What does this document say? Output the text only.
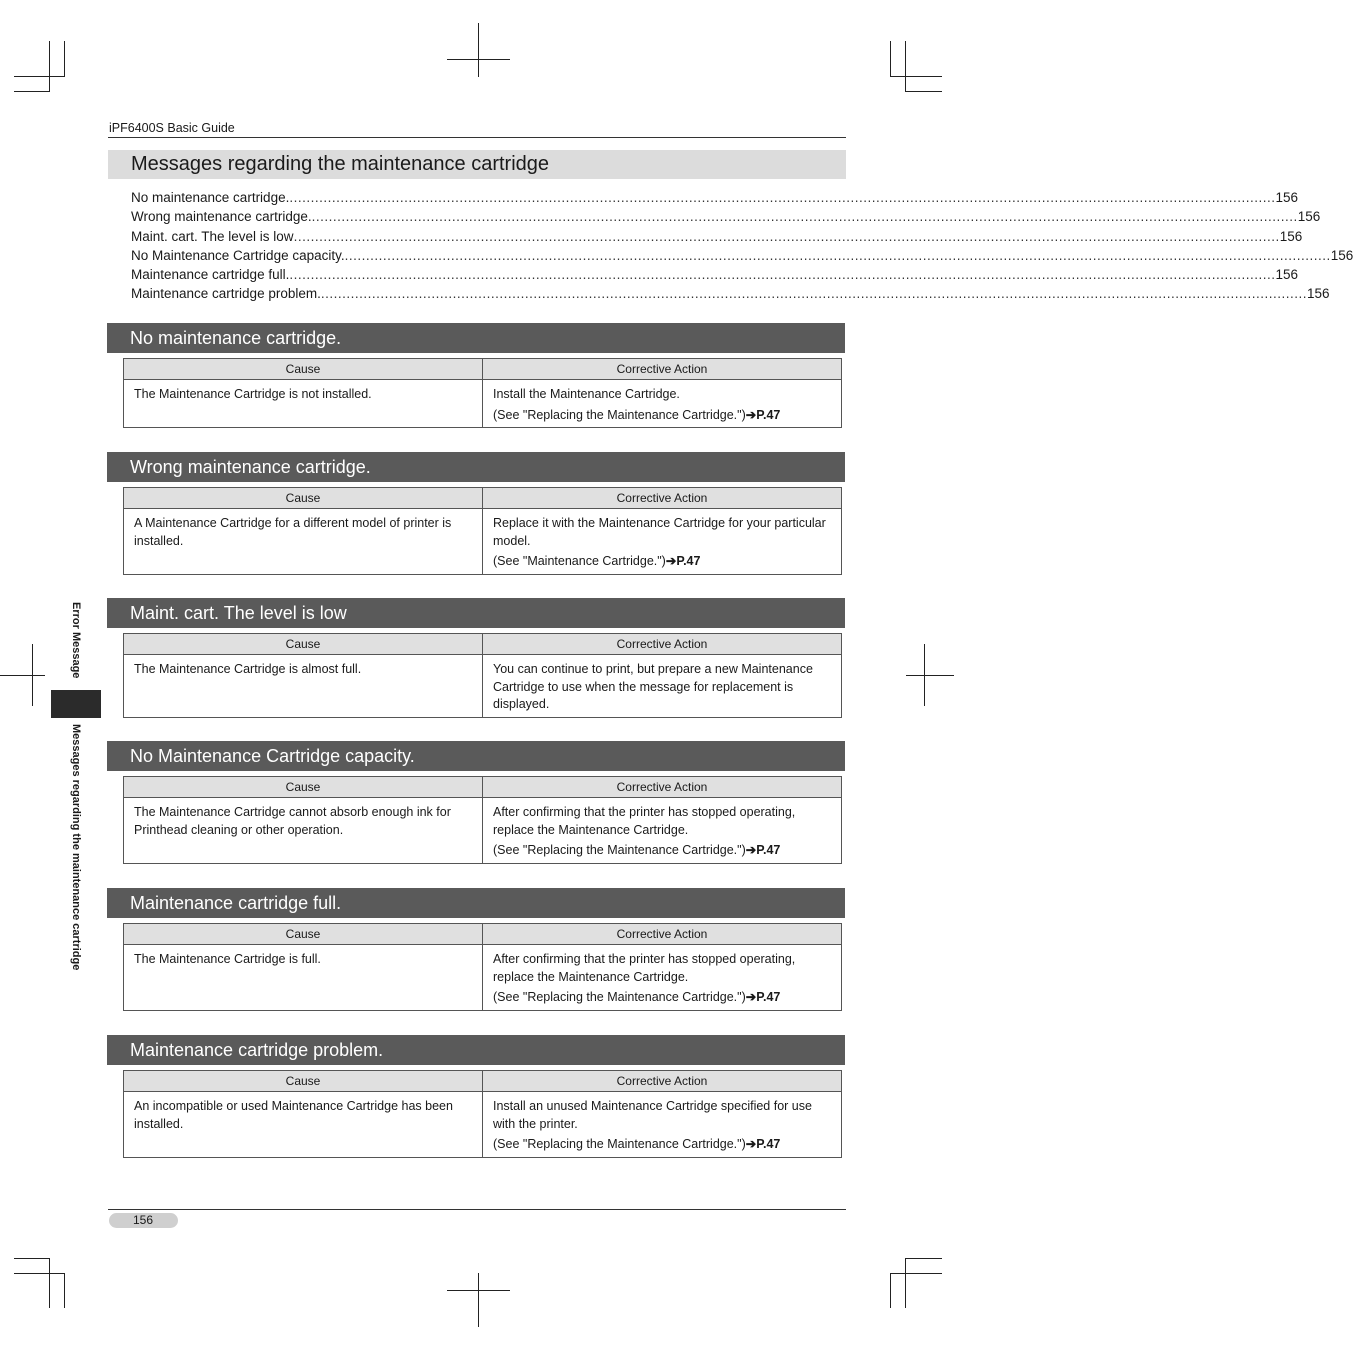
iPF6400S Basic Guide
Messages regarding the maintenance cartridge
No maintenance cartridge. ........................................................................................................................................................................................................................................ 156
Wrong maintenance cartridge. ........................................................................................................................................................................................................................................ 156
Maint. cart. The level is low ........................................................................................................................................................................................................................................ 156
No Maintenance Cartridge capacity. ........................................................................................................................................................................................................................................ 156
Maintenance cartridge full. ........................................................................................................................................................................................................................................ 156
Maintenance cartridge problem. ........................................................................................................................................................................................................................................ 156
No maintenance cartridge.
Cause	Corrective Action
The Maintenance Cartridge is not installed.	Install the Maintenance Cartridge.
(See "Replacing the Maintenance Cartridge.")➔P.47
Wrong maintenance cartridge.
Cause	Corrective Action
A Maintenance Cartridge for a different model of printer is installed.	Replace it with the Maintenance Cartridge for your particular model.
(See "Maintenance Cartridge.")➔P.47
Maint. cart. The level is low
Cause	Corrective Action
The Maintenance Cartridge is almost full.	You can continue to print, but prepare a new Maintenance Cartridge to use when the message for replacement is displayed.
No Maintenance Cartridge capacity.
Cause	Corrective Action
The Maintenance Cartridge cannot absorb enough ink for Printhead cleaning or other operation.	After confirming that the printer has stopped operating, replace the Maintenance Cartridge.
(See "Replacing the Maintenance Cartridge.")➔P.47
Maintenance cartridge full.
Cause	Corrective Action
The Maintenance Cartridge is full.	After confirming that the printer has stopped operating, replace the Maintenance Cartridge.
(See "Replacing the Maintenance Cartridge.")➔P.47
Maintenance cartridge problem.
Cause	Corrective Action
An incompatible or used Maintenance Cartridge has been installed.	Install an unused Maintenance Cartridge specified for use with the printer.
(See "Replacing the Maintenance Cartridge.")➔P.47
Error Message
Messages regarding the maintenance cartridge
156
